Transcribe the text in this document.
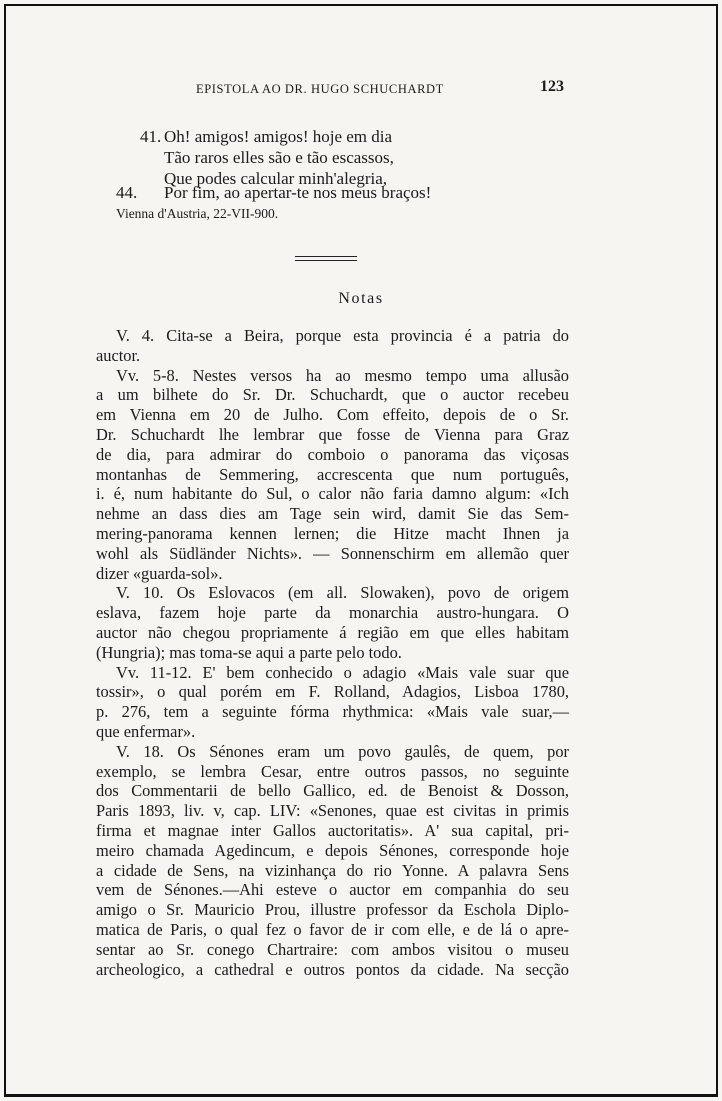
EPISTOLA AO DR. HUGO SCHUCHARDT	123
41. Oh! amigos! amigos! hoje em dia
Tão raros elles são e tão escassos,
Que podes calcular minh'alegria,
44. Por fim, ao apertar-te nos meus braços!
Vienna d'Austria, 22-VII-900.
Notas
V. 4. Cita-se a Beira, porque esta provincia é a patria do
auctor.
Vv. 5-8. Nestes versos ha ao mesmo tempo uma allusão
a um bilhete do Sr. Dr. Schuchardt, que o auctor recebeu
em Vienna em 20 de Julho. Com effeito, depois de o Sr.
Dr. Schuchardt lhe lembrar que fosse de Vienna para Graz
de dia, para admirar do comboio o panorama das viçosas
montanhas de Semmering, accrescenta que num português,
i. é, num habitante do Sul, o calor não faria damno algum: «Ich
nehme an dass dies am Tage sein wird, damit Sie das Sem-
mering-panorama kennen lernen; die Hitze macht Ihnen ja
wohl als Südländer Nichts». — Sonnenschirm em allemão quer
dizer «guarda-sol».
V. 10. Os Eslovacos (em all. Slowaken), povo de origem
eslava, fazem hoje parte da monarchia austro-hungara. O
auctor não chegou propriamente á região em que elles habitam
(Hungria); mas toma-se aqui a parte pelo todo.
Vv. 11-12. E' bem conhecido o adagio «Mais vale suar que
tossir», o qual porém em F. Rolland, Adagios, Lisboa 1780,
p. 276, tem a seguinte fórma rhythmica: «Mais vale suar,—
que enfermar».
V. 18. Os Sénones eram um povo gaulês, de quem, por
exemplo, se lembra Cesar, entre outros passos, no seguinte
dos Commentarii de bello Gallico, ed. de Benoist & Dosson,
Paris 1893, liv. v, cap. LIV: «Senones, quae est civitas in primis
firma et magnae inter Gallos auctoritatis». A' sua capital, pri-
meiro chamada Agedincum, e depois Sénones, corresponde hoje
a cidade de Sens, na vizinhança do rio Yonne. A palavra Sens
vem de Sénones.—Ahi esteve o auctor em companhia do seu
amigo o Sr. Mauricio Prou, illustre professor da Eschola Diplo-
matica de Paris, o qual fez o favor de ir com elle, e de lá o apre-
sentar ao Sr. conego Chartraire: com ambos visitou o museu
archeologico, a cathedral e outros pontos da cidade. Na secção
